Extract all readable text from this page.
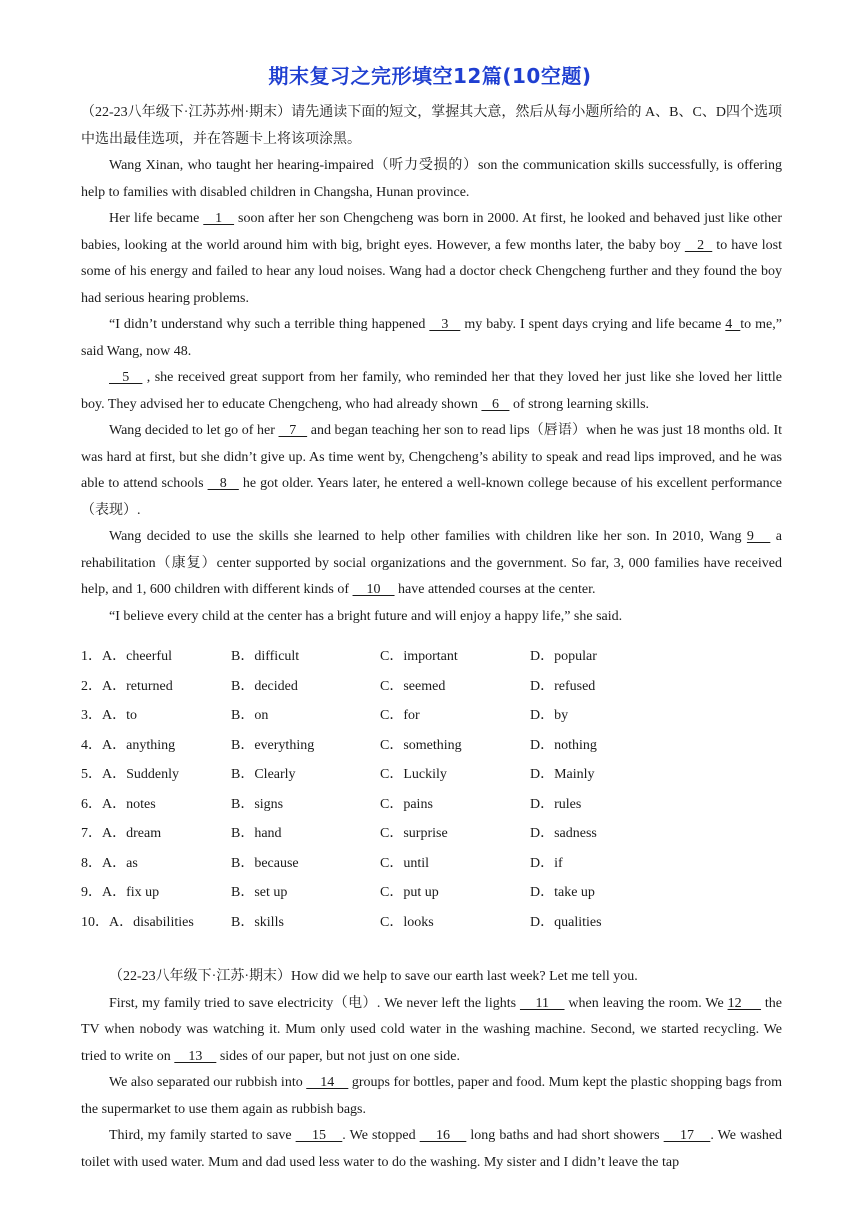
期末复习之完形填空12篇(10空题)

（22-23八年级下·江苏苏州·期末）请先通读下面的短文，掌握其大意，然后从每小题所给的 A、B、C、D四个选项中选出最佳选项，并在答题卡上将该项涂黑。

Wang Xinan, who taught her hearing-impaired（听力受损的）son the communication skills successfully, is offering help to families with disabled children in Changsha, Hunan province.

Her life became    1    soon after her son Chengcheng was born in 2000. At first, he looked and behaved just like other babies, looking at the world around him with big, bright eyes. However, a few months later, the baby boy    2   to have lost some of his energy and failed to hear any loud noises. Wang had a doctor check Chengcheng further and they found the boy had serious hearing problems.

“I didn’t understand why such a terrible thing happened    3    my baby. I spent days crying and life became 4  to me,” said Wang, now 48.

5    , she received great support from her family, who reminded her that they loved her just like she loved her little boy. They advised her to educate Chengcheng, who had already shown    6    of strong learning skills.

Wang decided to let go of her    7    and began teaching her son to read lips（唇语）when he was just 18 months old. It was hard at first, but she didn’t give up. As time went by, Chengcheng’s ability to speak and read lips improved, and he was able to attend schools    8    he got older. Years later, he entered a well-known college because of his excellent performance（表现）.

Wang decided to use the skills she learned to help other families with children like her son. In 2010, Wang 9    a rehabilitation（康复）center supported by social organizations and the government. So far, 3, 000 families have received help, and 1, 600 children with different kinds of     10     have attended courses at the center.

“I believe every child at the center has a bright future and will enjoy a happy life,” she said.

1．A．cheerful	B．difficult	C．important	D．popular
2．A．returned	B．decided	C．seemed	D．refused
3．A．to	B．on	C．for	D．by
4．A．anything	B．everything	C．something	D．nothing
5．A．Suddenly	B．Clearly	C．Luckily	D．Mainly
6．A．notes	B．signs	C．pains	D．rules
7．A．dream	B．hand	C．surprise	D．sadness
8．A．as	B．because	C．until	D．if
9．A．fix up	B．set up	C．put up	D．take up
10．A．disabilities	B．skills	C．looks	D．qualities

（22-23八年级下·江苏·期末）How did we help to save our earth last week? Let me tell you.

First, my family tried to save electricity（电）. We never left the lights     11     when leaving the room. We 12      the TV when nobody was watching it. Mum only used cold water in the washing machine. Second, we started recycling. We tried to write on     13     sides of our paper, but not just on one side.

We also separated our rubbish into     14     groups for bottles, paper and food. Mum kept the plastic shopping bags from the supermarket to use them again as rubbish bags.

Third, my family started to save     15    . We stopped     16     long baths and had short showers     17    . We washed toilet with used water. Mum and dad used less water to do the washing. My sister and I didn’t leave the tap
